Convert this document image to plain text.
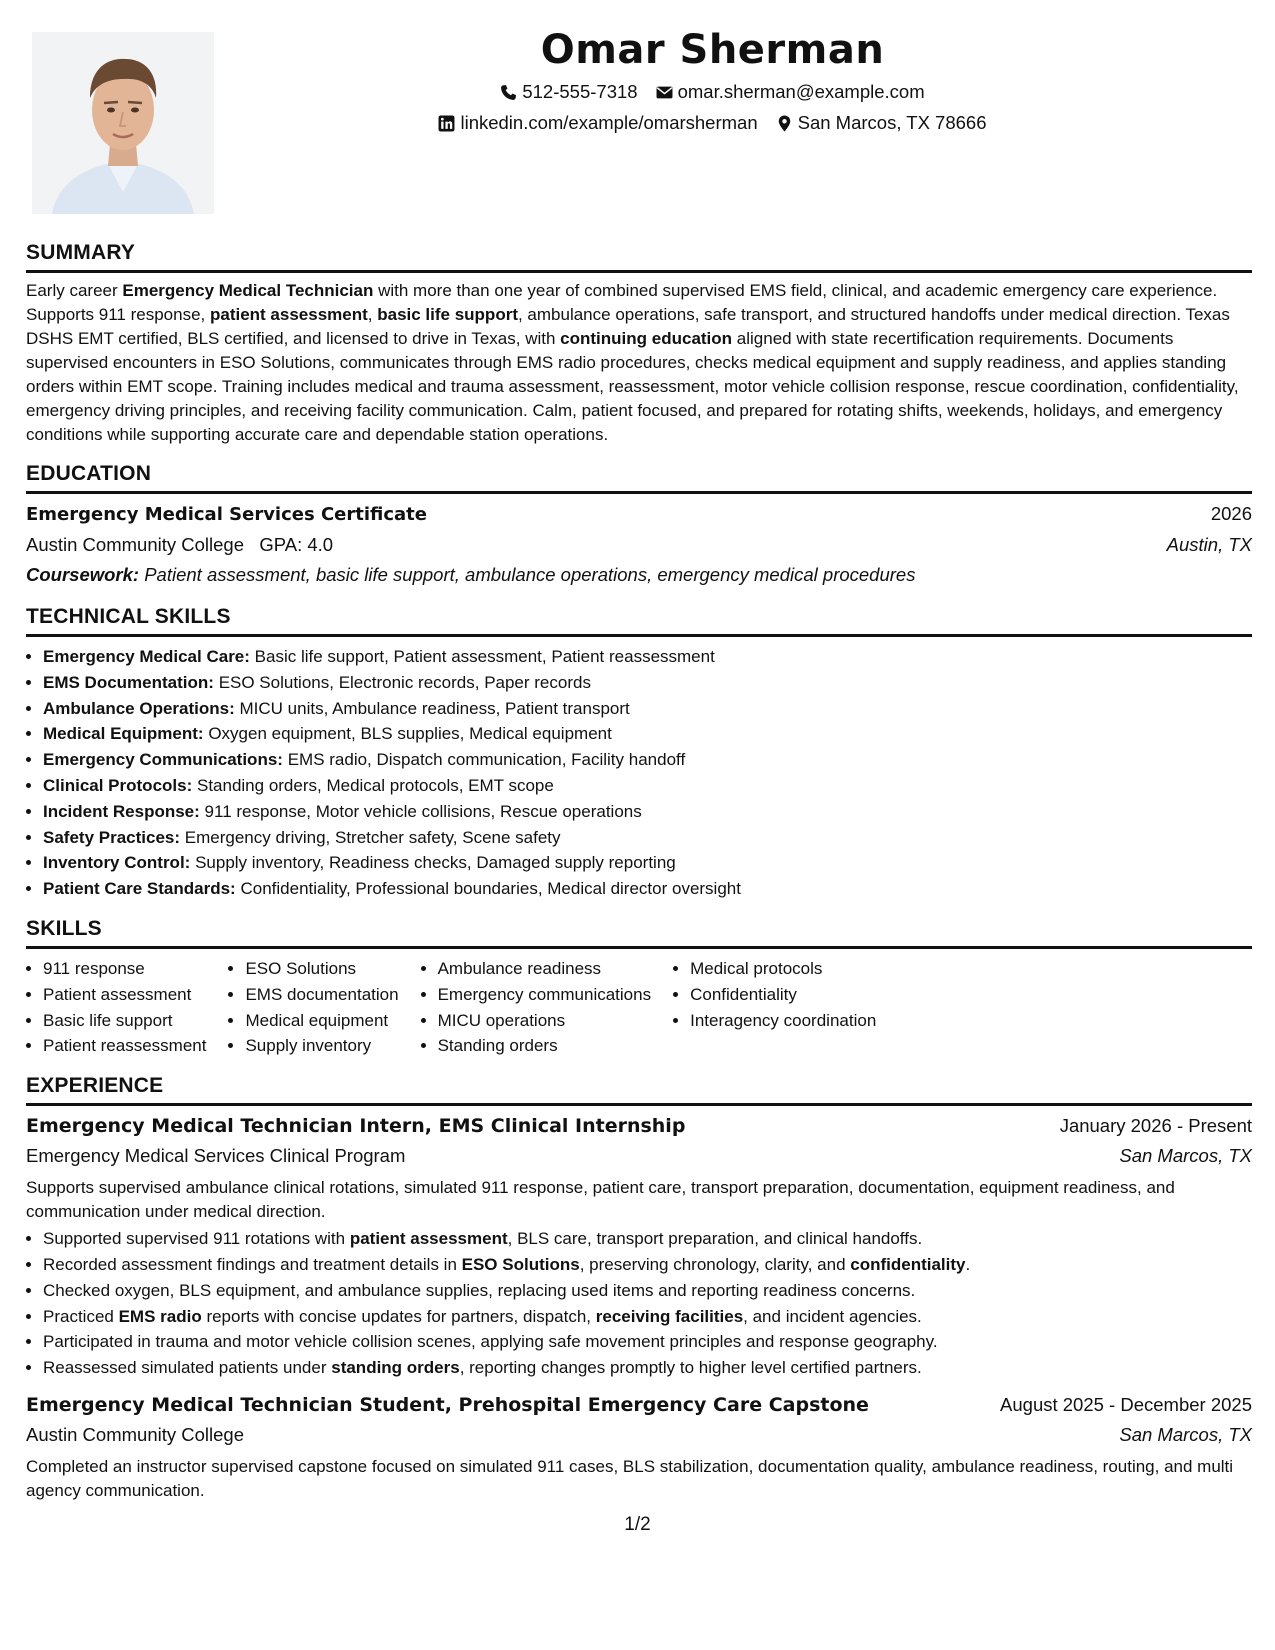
Omar Sherman
512-555-7318 omar.sherman@example.com
linkedin.com/example/omarsherman San Marcos, TX 78666
SUMMARY

Early career Emergency Medical Technician with more than one year of combined supervised EMS field, clinical, and academic emergency care experience. Supports 911 response, patient assessment, basic life support, ambulance operations, safe transport, and structured handoffs under medical direction. Texas DSHS EMT certified, BLS certified, and licensed to drive in Texas, with continuing education aligned with state recertification requirements. Documents supervised encounters in ESO Solutions, communicates through EMS radio procedures, checks medical equipment and supply readiness, and applies standing orders within EMT scope. Training includes medical and trauma assessment, reassessment, motor vehicle collision response, rescue coordination, confidentiality, emergency driving principles, and receiving facility communication. Calm, patient focused, and prepared for rotating shifts, weekends, holidays, and emergency conditions while supporting accurate care and dependable station operations.

EDUCATION
Emergency Medical Services Certificate	2026
Austin Community College GPA: 4.0	Austin, TX
Coursework: Patient assessment, basic life support, ambulance operations, emergency medical procedures
TECHNICAL SKILLS
• Emergency Medical Care: Basic life support, Patient assessment, Patient reassessment
• EMS Documentation: ESO Solutions, Electronic records, Paper records
• Ambulance Operations: MICU units, Ambulance readiness, Patient transport
• Medical Equipment: Oxygen equipment, BLS supplies, Medical equipment
• Emergency Communications: EMS radio, Dispatch communication, Facility handoff
• Clinical Protocols: Standing orders, Medical protocols, EMT scope
• Incident Response: 911 response, Motor vehicle collisions, Rescue operations
• Safety Practices: Emergency driving, Stretcher safety, Scene safety
• Inventory Control: Supply inventory, Readiness checks, Damaged supply reporting
• Patient Care Standards: Confidentiality, Professional boundaries, Medical director oversight
SKILLS
• 911 response
• Patient assessment
• Basic life support
• Patient reassessment
• ESO Solutions
• EMS documentation
• Medical equipment
• Supply inventory
• Ambulance readiness
• Emergency communications
• MICU operations
• Standing orders
• Medical protocols
• Confidentiality
• Interagency coordination
EXPERIENCE
Emergency Medical Technician Intern, EMS Clinical Internship	January 2026 - Present
Emergency Medical Services Clinical Program	San Marcos, TX

Supports supervised ambulance clinical rotations, simulated 911 response, patient care, transport preparation, documentation, equipment readiness, and communication under medical direction.

• Supported supervised 911 rotations with patient assessment, BLS care, transport preparation, and clinical handoffs.
• Recorded assessment findings and treatment details in ESO Solutions, preserving chronology, clarity, and confidentiality.
• Checked oxygen, BLS equipment, and ambulance supplies, replacing used items and reporting readiness concerns.
• Practiced EMS radio reports with concise updates for partners, dispatch, receiving facilities, and incident agencies.
• Participated in trauma and motor vehicle collision scenes, applying safe movement principles and response geography.
• Reassessed simulated patients under standing orders, reporting changes promptly to higher level certified partners.
Emergency Medical Technician Student, Prehospital Emergency Care Capstone	August 2025 - December 2025
Austin Community College	San Marcos, TX

Completed an instructor supervised capstone focused on simulated 911 cases, BLS stabilization, documentation quality, ambulance readiness, routing, and multi agency communication.

1/2
